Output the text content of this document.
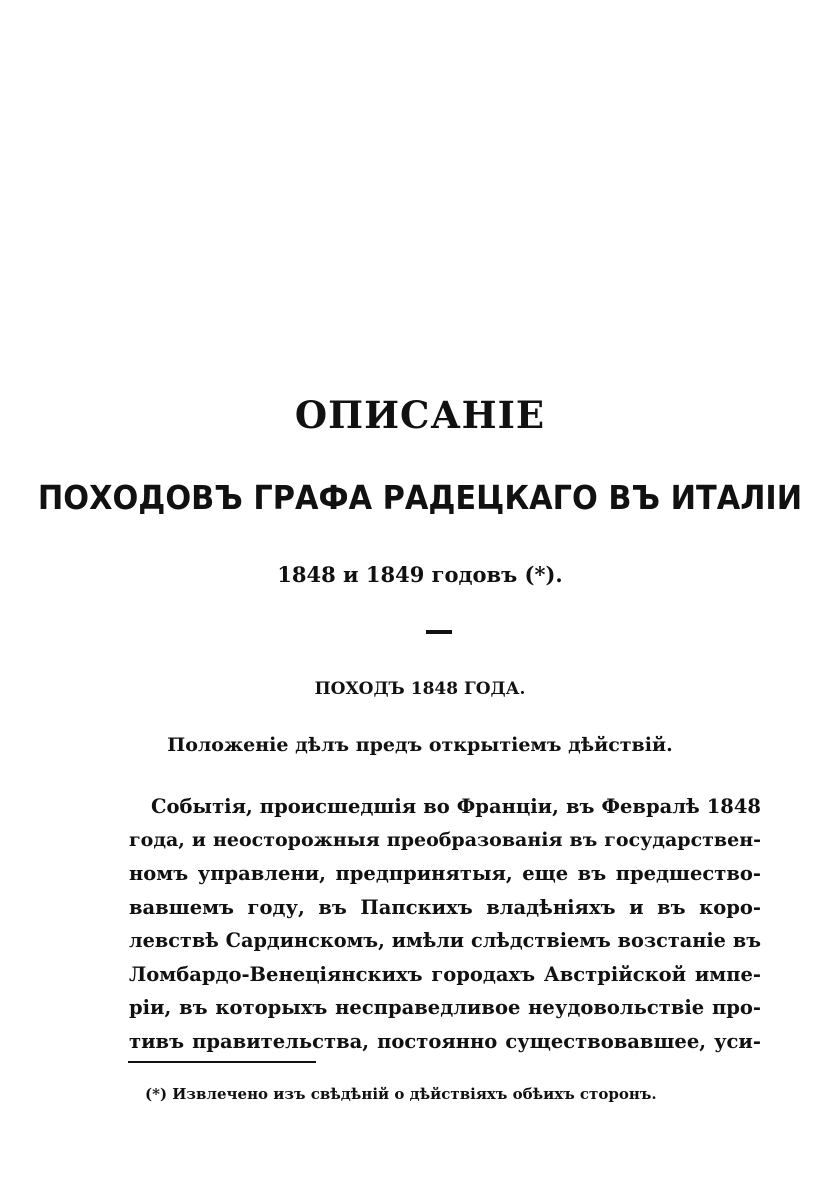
ОПИСАНІЕ
ПОХОДОВЪ ГРАФА РАДЕЦКАГО ВЪ ИТАЛІИ
1848 и 1849 годовъ (*).
ПОХОДЪ 1848 ГОДА.
Положеніе дѣлъ предъ открытіемъ дѣйствій.
Событія, происшедшія во Франціи, въ Февралѣ 1848
года, и неосторожныя преобразованія въ государствен-
номъ управлени, предпринятыя, еще въ предшество-
вавшемъ году, въ Папскихъ владѣніяхъ и въ коро-
левствѣ Сардинскомъ, имѣли слѣдствіемъ возстаніе въ
Ломбардо-Венеціянскихъ городахъ Австрійской импе-
ріи, въ которыхъ несправедливое неудовольствіе про-
тивъ правительства, постоянно существовавшее, уси-
(*) Извлечено изъ свѣдѣній о дѣйствіяхъ обѣихъ сторонъ.
